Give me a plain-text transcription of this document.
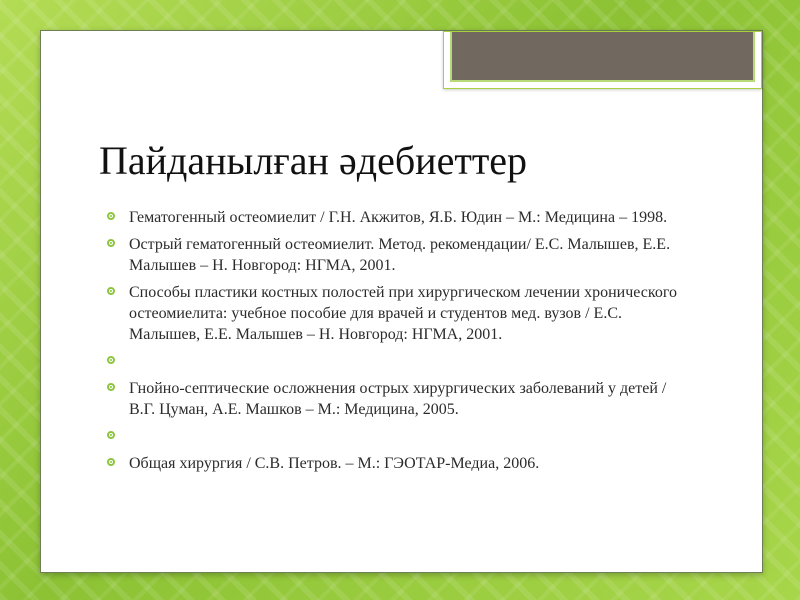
Пайданылған әдебиеттер
Гематогенный остеомиелит / Г.Н. Акжитов, Я.Б. Юдин – М.: Медицина – 1998.
Острый гематогенный остеомиелит. Метод. рекомендации/ Е.С. Малышев, Е.Е. Малышев – Н. Новгород: НГМА, 2001.
Способы пластики костных полостей при хирургическом лечении хронического остеомиелита: учебное пособие для врачей и студентов мед. вузов / Е.С. Малышев, Е.Е. Малышев – Н. Новгород: НГМА, 2001.
Гнойно-септические осложнения острых хирургических заболеваний у детей / В.Г. Цуман, А.Е. Машков – М.: Медицина, 2005.
Общая хирургия / С.В. Петров. – М.: ГЭОТАР-Медиа, 2006.
